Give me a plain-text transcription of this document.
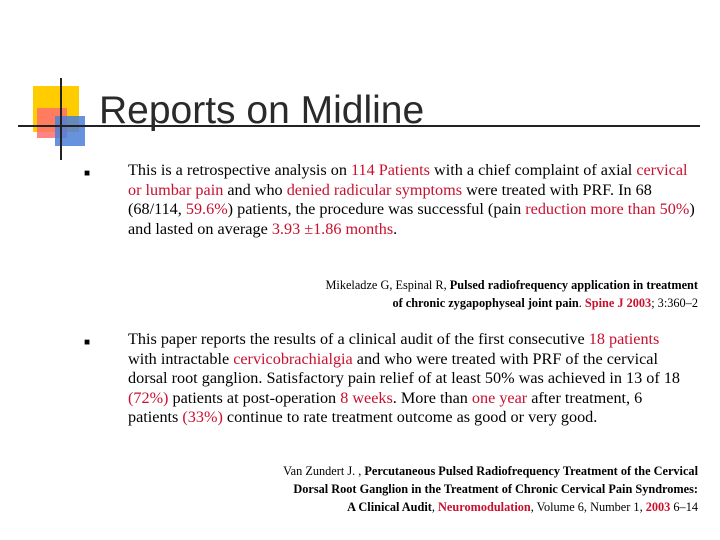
Reports on Midline
■ This is a retrospective analysis on 114 Patients with a chief complaint of axial cervical or lumbar pain and who denied radicular symptoms were treated with PRF. In 68 (68/114, 59.6%) patients, the procedure was successful (pain reduction more than 50%) and lasted on average 3.93 ±1.86 months.

Mikeladze G, Espinal R, Pulsed radiofrequency application in treatment
of chronic zygapophyseal joint pain. Spine J 2003; 3:360–2

■ This paper reports the results of a clinical audit of the first consecutive 18 patients with intractable cervicobrachialgia and who were treated with PRF of the cervical dorsal root ganglion. Satisfactory pain relief of at least 50% was achieved in 13 of 18 (72%) patients at post-operation 8 weeks. More than one year after treatment, 6 patients (33%) continue to rate treatment outcome as good or very good.

Van Zundert J. , Percutaneous Pulsed Radiofrequency Treatment of the Cervical
Dorsal Root Ganglion in the Treatment of Chronic Cervical Pain Syndromes:
A Clinical Audit, Neuromodulation, Volume 6, Number 1, 2003 6–14
